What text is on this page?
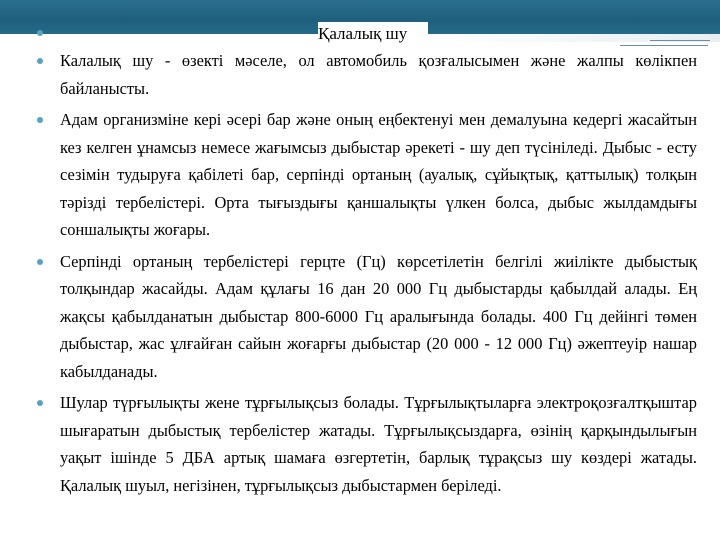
Қалалық шу
Калалық шу - өзекті мәселе, ол автомобиль қозғалысымен және жалпы көлікпен байланысты.
Адам организміне кері әсері бар және оның еңбектенуі мен демалуына кедергі жасайтын кез келген ұнамсыз немесе жағымсыз дыбыстар әрекеті - шу деп түсініледі. Дыбыс - есту сезімін тудыруға қабілеті бар, серпінді ортаның (ауалық, сұйықтық, қаттылық) толқын тәрізді тербелістері. Орта тығыздығы қаншалықты үлкен болса, дыбыс жылдамдығы соншалықты жоғары.
Серпінді ортаның тербелістері герцте (Гц) көрсетілетін белгілі жиілікте дыбыстық толқындар жасайды. Адам құлағы 16 дан 20 000 Гц дыбыстарды қабылдай алады. Ең жақсы қабылданатын дыбыстар 800-6000 Гц аралығында болады. 400 Гц дейінгі төмен дыбыстар, жас ұлғайған сайын жоғарғы дыбыстар (20 000 - 12 000 Гц) әжептеуір нашар кабылданады.
Шулар түрғылықты жене тұрғылықсыз болады. Тұрғылықтыларға электроқозғалтқыштар шығаратын дыбыстық тербелістер жатады. Тұрғылықсыздарға, өзінің қарқындылығын уақыт ішінде 5 ДБА артық шамаға өзгертетін, барлық тұрақсыз шу көздері жатады. Қалалық шуыл, негізінен, тұрғылықсыз дыбыстармен беріледі.
